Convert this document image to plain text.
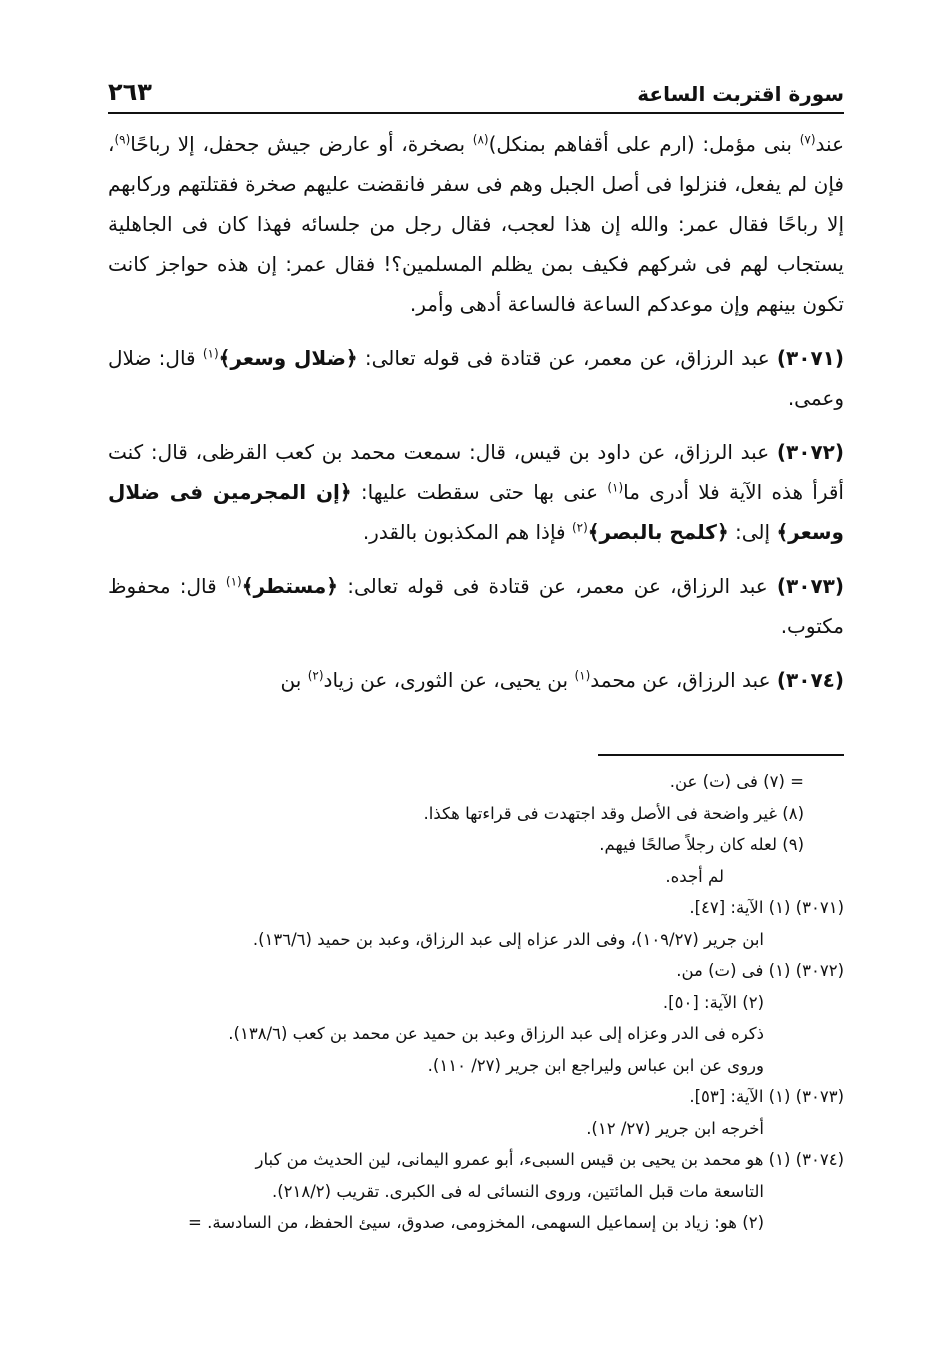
سورة اقتربت الساعة
٢٦٣

عند$^{(٧)}$ بنى مؤمل: (ارم على أقفاهم بمنكل)$^{(٨)}$ بصخرة، أو عارض جيش جحفل، إلا رباحًا$^{(٩)}$، فإن لم يفعل، فنزلوا فى أصل الجبل وهم فى سفر فانقضت عليهم صخرة فقتلتهم وركابهم إلا رباحًا فقال عمر: والله إن هذا لعجب، فقال رجل من جلسائه فهذا كان فى الجاهلية يستجاب لهم فى شركهم فكيف بمن يظلم المسلمين؟! فقال عمر: إن هذه حواجز كانت تكون بينهم وإن موعدكم الساعة فالساعة أدهى وأمر.

(٣٠٧١) عبد الرزاق، عن معمر، عن قتادة فى قوله تعالى: ﴿ضلال وسعر﴾$^{(١)}$ قال: ضلال وعمى.

(٣٠٧٢) عبد الرزاق، عن داود بن قيس، قال: سمعت محمد بن كعب القرظى، قال: كنت أقرأ هذه الآية فلا أدرى ما$^{(١)}$ عنى بها حتى سقطت عليها: ﴿إن المجرمين فى ضلال وسعر﴾ إلى: ﴿كلمح بالبصر﴾$^{(٢)}$ فإذا هم المكذبون بالقدر.

(٣٠٧٣) عبد الرزاق، عن معمر، عن قتادة فى قوله تعالى: ﴿مستطر﴾$^{(١)}$ قال: محفوظ مكتوب.

(٣٠٧٤) عبد الرزاق، عن محمد$^{(١)}$ بن يحيى، عن الثورى، عن زياد$^{(٢)}$ بن

= (٧) فى (ت) عن.
(٨) غير واضحة فى الأصل وقد اجتهدت فى قراءتها هكذا.
(٩) لعله كان رجلاً صالحًا فيهم.
لم أجده.
(٣٠٧١) (١) الآية: [٤٧].
ابن جرير (١٠٩/٢٧)، وفى الدر عزاه إلى عبد الرزاق، وعبد بن حميد (١٣٦/٦).
(٣٠٧٢) (١) فى (ت) من.
(٢) الآية: [٥٠].
ذكره فى الدر وعزاه إلى عبد الرزاق وعبد بن حميد عن محمد بن كعب (١٣٨/٦).
وروى عن ابن عباس وليراجع ابن جرير (٢٧/ ١١٠).
(٣٠٧٣) (١) الآية: [٥٣].
أخرجه ابن جرير (٢٧/ ١٢).
(٣٠٧٤) (١) هو محمد بن يحيى بن قيس السبىء، أبو عمرو اليمانى، لين الحديث من كبار
التاسعة مات قبل المائتين، وروى النسائى له فى الكبرى. تقريب (٢١٨/٢).
(٢) هو: زياد بن إسماعيل السهمى، المخزومى، صدوق، سيئ الحفظ، من السادسة. =
